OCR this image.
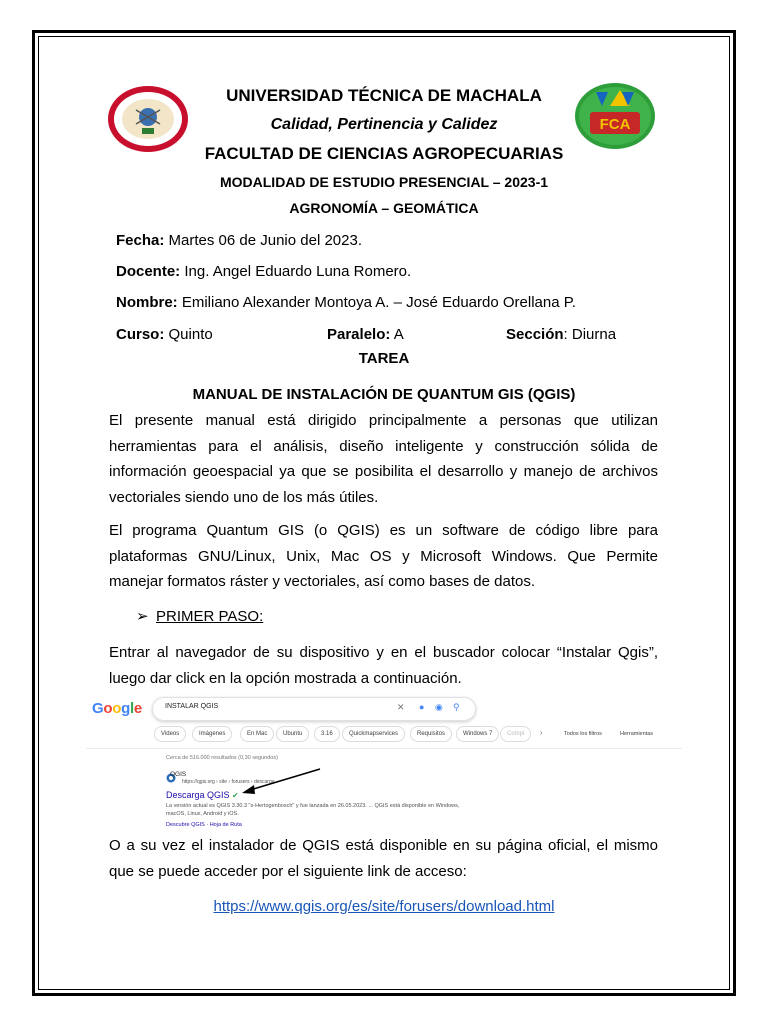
FCA
UNIVERSIDAD TÉCNICA DE MACHALA
Calidad, Pertinencia y Calidez
FACULTAD DE CIENCIAS AGROPECUARIAS
MODALIDAD DE ESTUDIO PRESENCIAL – 2023-1
AGRONOMÍA – GEOMÁTICA
Fecha: Martes 06 de Junio del 2023.
Docente: Ing. Angel Eduardo Luna Romero.
Nombre: Emiliano Alexander Montoya A. – José Eduardo Orellana P.
Curso: Quinto	Paralelo: A	Sección: Diurna
TAREA
MANUAL DE INSTALACIÓN DE QUANTUM GIS (QGIS)
El presente manual está dirigido principalmente a personas que utilizan herramientas para el análisis, diseño inteligente y construcción sólida de información geoespacial ya que se posibilita el desarrollo y manejo de archivos vectoriales siendo uno de los más útiles.
El programa Quantum GIS (o QGIS) es un software de código libre para plataformas GNU/Linux, Unix, Mac OS y Microsoft Windows. Que Permite manejar formatos ráster y vectoriales, así como bases de datos.
➢ PRIMER PASO:
Entrar al navegador de su dispositivo y en el buscador colocar “Instalar Qgis”, luego dar click en la opción mostrada a continuación.
Google	INSTALAR QGIS	✕ ● ◉ ⚲
Videos	Imágenes	En Mac	Ubuntu	3.16	Quickmapservices	Requisitos	Windows 7	Compi	›	Todos los filtros	Herramientas
Cerca de 516.000 resultados (0,30 segundos)
QGIS
https://qgis.org › site › forusers › descarga
Descarga QGIS ✔
La versión actual es QGIS 3.30.3 "s-Hertogenbosch" y fue lanzada en 26.05.2023. ... QGIS está disponible en Windows, macOS, Linux, Android y iOS.
Descubre QGIS · Hoja de Ruta
O a su vez el instalador de QGIS está disponible en su página oficial, el mismo que se puede acceder por el siguiente link de acceso:
https://www.qgis.org/es/site/forusers/download.html
